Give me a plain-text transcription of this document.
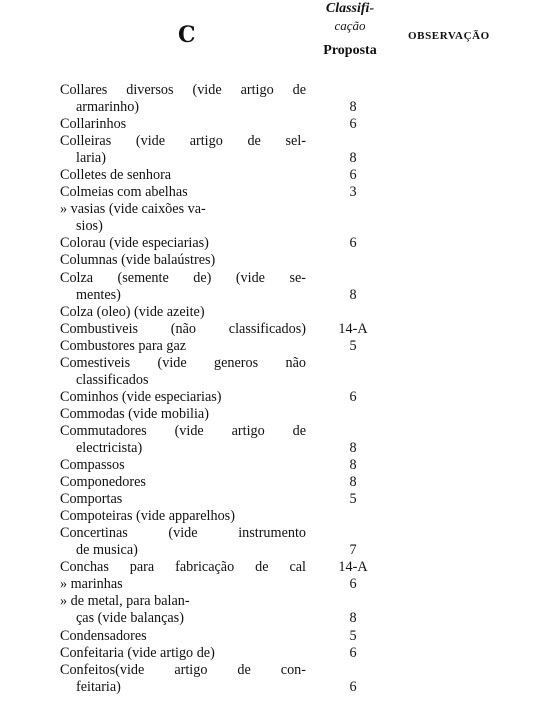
C
Classifi-
cação
Proposta
OBSERVAÇÃO
Collares diversos (vide artigo de
armarinho)	8
Collarinhos	6
Colleiras (vide artigo de sel-
laria)	8
Colletes de senhora	6
Colmeias com abelhas	3
» vasias (vide caixões va-
sios)
Colorau (vide especiarias)	6
Columnas (vide balaústres)
Colza (semente de) (vide se-
mentes)	8
Colza (oleo) (vide azeite)
Combustiveis (não classificados)	14-A
Combustores para gaz	5
Comestiveis (vide generos não
classificados
Cominhos (vide especiarias)	6
Commodas (vide mobilia)
Commutadores (vide artigo de
electricista)	8
Compassos	8
Componedores	8
Comportas	5
Compoteiras (vide apparelhos)
Concertinas (vide instrumento
de musica)	7
Conchas para fabricação de cal	14-A
» marinhas	6
» de metal, para balan-
ças (vide balanças)	8
Condensadores	5
Confeitaria (vide artigo de)	6
Confeitos(vide artigo de con-
feitaria)	6
